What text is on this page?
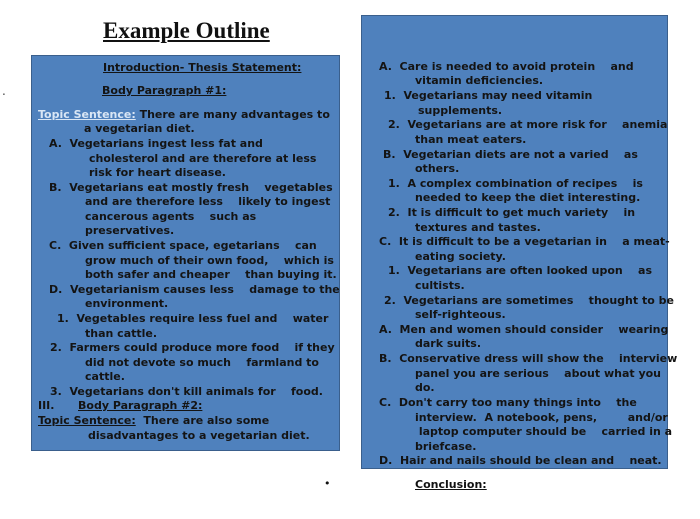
Example Outline
.
Introduction- Thesis Statement:
Body Paragraph #1:
Topic Sentence: There are many advantages to
a vegetarian diet.
A.  Vegetarians ingest less fat and
cholesterol and are therefore at less
risk for heart disease.
B.  Vegetarians eat mostly fresh    vegetables
and are therefore less    likely to ingest
cancerous agents    such as
preservatives.
C.  Given sufficient space, egetarians    can
grow much of their own food,    which is
both safer and cheaper    than buying it.
D.  Vegetarianism causes less    damage to the
environment.
1.  Vegetables require less fuel and    water
than cattle.
2.  Farmers could produce more food    if they
did not devote so much    farmland to
cattle.
3.  Vegetarians don't kill animals for    food.
III. Body Paragraph #2:
Topic Sentence:  There are also some
disadvantages to a vegetarian diet.
A.  Care is needed to avoid protein    and
vitamin deficiencies.
1.  Vegetarians may need vitamin
supplements.
2.  Vegetarians are at more risk for    anemia
than meat eaters.
B.  Vegetarian diets are not a varied    as
others.
1.  A complex combination of recipes    is
needed to keep the diet interesting.
2.  It is difficult to get much variety    in
textures and tastes.
C.  It is difficult to be a vegetarian in    a meat-
eating society.
1.  Vegetarians are often looked upon    as
cultists.
2.  Vegetarians are sometimes    thought to be
self-righteous.
A.  Men and women should consider    wearing
dark suits.
B.  Conservative dress will show the    interview
panel you are serious    about what you
do.
C.  Don't carry too many things into    the
interview.  A notebook, pens,        and/or
laptop computer should be    carried in a
briefcase.
D.  Hair and nails should be clean and    neat.
•	Conclusion:
